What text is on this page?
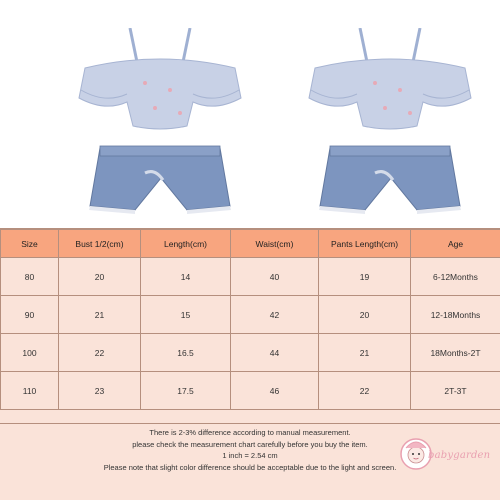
Size	Bust 1/2(cm)	Length(cm)	Waist(cm)	Pants Length(cm)	Age
80	20	14	40	19	6-12Months
90	21	15	42	20	12-18Months
100	22	16.5	44	21	18Months-2T
110	23	17.5	46	22	2T-3T

There is 2-3% difference according to manual measurement.

please check the measurement chart carefully before you buy the item.

1 inch = 2.54 cm

Please note that slight color difference should be acceptable due to the light and screen.

babygarden
